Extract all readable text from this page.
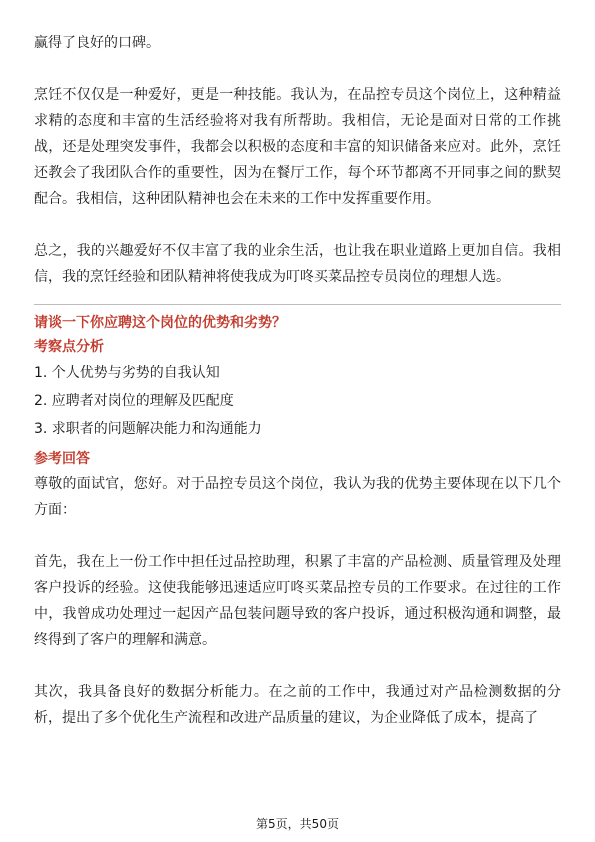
赢得了良好的口碑。

烹饪不仅仅是一种爱好，更是一种技能。我认为，在品控专员这个岗位上，这种精益求精的态度和丰富的生活经验将对我有所帮助。我相信，无论是面对日常的工作挑战，还是处理突发事件，我都会以积极的态度和丰富的知识储备来应对。此外，烹饪还教会了我团队合作的重要性，因为在餐厅工作，每个环节都离不开同事之间的默契配合。我相信，这种团队精神也会在未来的工作中发挥重要作用。

总之，我的兴趣爱好不仅丰富了我的业余生活，也让我在职业道路上更加自信。我相信，我的烹饪经验和团队精神将使我成为叮咚买菜品控专员岗位的理想人选。

请谈一下你应聘这个岗位的优势和劣势？

考察点分析

1. 个人优势与劣势的自我认知

2. 应聘者对岗位的理解及匹配度

3. 求职者的问题解决能力和沟通能力

参考回答

尊敬的面试官，您好。对于品控专员这个岗位，我认为我的优势主要体现在以下几个方面：

首先，我在上一份工作中担任过品控助理，积累了丰富的产品检测、质量管理及处理客户投诉的经验。这使我能够迅速适应叮咚买菜品控专员的工作要求。在过往的工作中，我曾成功处理过一起因产品包装问题导致的客户投诉，通过积极沟通和调整，最终得到了客户的理解和满意。

其次，我具备良好的数据分析能力。在之前的工作中，我通过对产品检测数据的分析，提出了多个优化生产流程和改进产品质量的建议，为企业降低了成本，提高了

第5页，共50页
